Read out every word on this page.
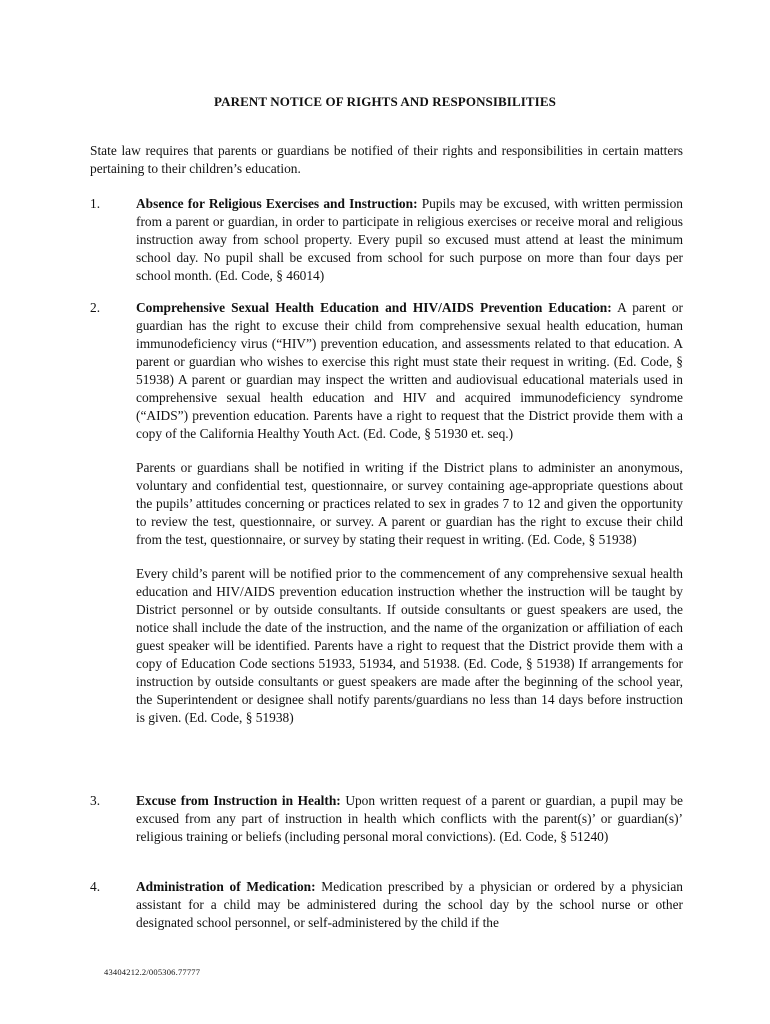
PARENT NOTICE OF RIGHTS AND RESPONSIBILITIES

State law requires that parents or guardians be notified of their rights and responsibilities in certain matters pertaining to their children’s education.

1.	Absence for Religious Exercises and Instruction: Pupils may be excused, with written permission from a parent or guardian, in order to participate in religious exercises or receive moral and religious instruction away from school property. Every pupil so excused must attend at least the minimum school day. No pupil shall be excused from school for such purpose on more than four days per school month. (Ed. Code, § 46014)

2.	Comprehensive Sexual Health Education and HIV/AIDS Prevention Education: A parent or guardian has the right to excuse their child from comprehensive sexual health education, human immunodeficiency virus (“HIV”) prevention education, and assessments related to that education. A parent or guardian who wishes to exercise this right must state their request in writing. (Ed. Code, § 51938) A parent or guardian may inspect the written and audiovisual educational materials used in comprehensive sexual health education and HIV and acquired immunodeficiency syndrome (“AIDS”) prevention education. Parents have a right to request that the District provide them with a copy of the California Healthy Youth Act. (Ed. Code, § 51930 et. seq.)

Parents or guardians shall be notified in writing if the District plans to administer an anonymous, voluntary and confidential test, questionnaire, or survey containing age-appropriate questions about the pupils’ attitudes concerning or practices related to sex in grades 7 to 12 and given the opportunity to review the test, questionnaire, or survey. A parent or guardian has the right to excuse their child from the test, questionnaire, or survey by stating their request in writing. (Ed. Code, § 51938)

Every child’s parent will be notified prior to the commencement of any comprehensive sexual health education and HIV/AIDS prevention education instruction whether the instruction will be taught by District personnel or by outside consultants. If outside consultants or guest speakers are used, the notice shall include the date of the instruction, and the name of the organization or affiliation of each guest speaker will be identified. Parents have a right to request that the District provide them with a copy of Education Code sections 51933, 51934, and 51938. (Ed. Code, § 51938) If arrangements for instruction by outside consultants or guest speakers are made after the beginning of the school year, the Superintendent or designee shall notify parents/guardians no less than 14 days before instruction is given. (Ed. Code, § 51938)

3.	Excuse from Instruction in Health: Upon written request of a parent or guardian, a pupil may be excused from any part of instruction in health which conflicts with the parent(s)’ or guardian(s)’ religious training or beliefs (including personal moral convictions). (Ed. Code, § 51240)

4.	Administration of Medication: Medication prescribed by a physician or ordered by a physician assistant for a child may be administered during the school day by the school nurse or other designated school personnel, or self-administered by the child if the

43404212.2/005306.77777
